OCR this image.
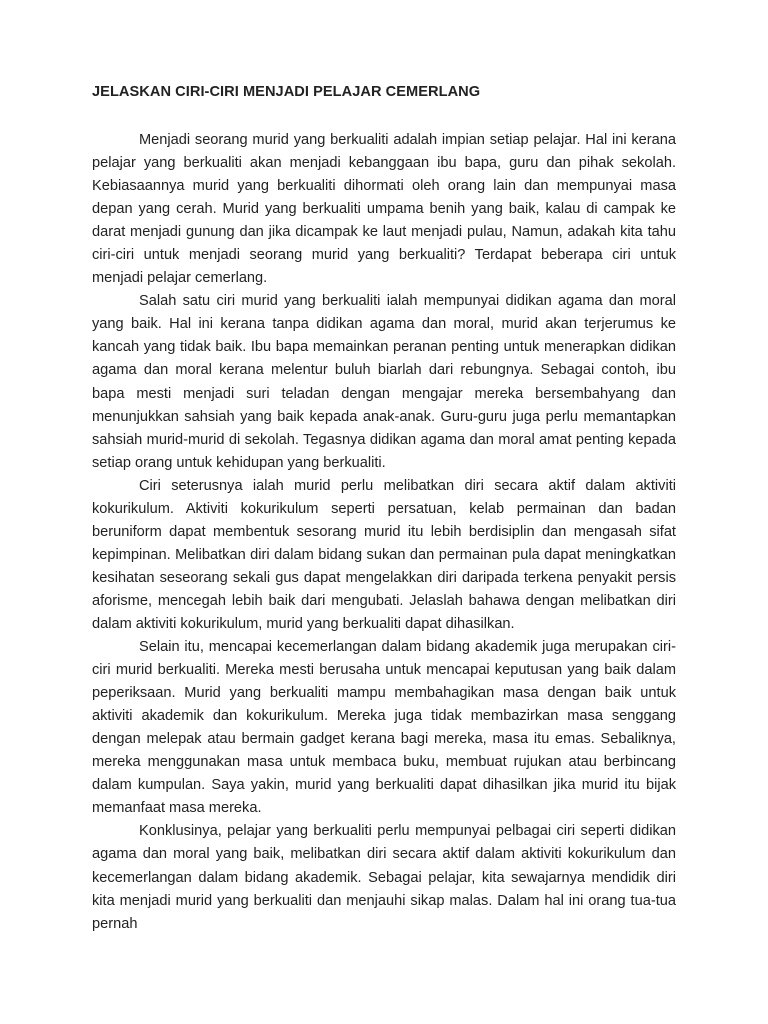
JELASKAN CIRI-CIRI MENJADI PELAJAR CEMERLANG

Menjadi seorang murid yang berkualiti adalah impian setiap pelajar. Hal ini kerana pelajar yang berkualiti akan menjadi kebanggaan ibu bapa, guru dan pihak sekolah. Kebiasaannya murid yang berkualiti dihormati oleh orang lain dan mempunyai masa depan yang cerah. Murid yang berkualiti umpama benih yang baik, kalau di campak ke darat menjadi gunung dan jika dicampak ke laut menjadi pulau, Namun, adakah kita tahu ciri-ciri untuk menjadi seorang murid yang berkualiti? Terdapat beberapa ciri untuk menjadi pelajar cemerlang.

Salah satu ciri murid yang berkualiti ialah mempunyai didikan agama dan moral yang baik. Hal ini kerana tanpa didikan agama dan moral, murid akan terjerumus ke kancah yang tidak baik. Ibu bapa memainkan peranan penting untuk menerapkan didikan agama dan moral kerana melentur buluh biarlah dari rebungnya. Sebagai contoh, ibu bapa mesti menjadi suri teladan dengan mengajar mereka bersembahyang dan menunjukkan sahsiah yang baik kepada anak-anak. Guru-guru juga perlu memantapkan sahsiah murid-murid di sekolah. Tegasnya didikan agama dan moral amat penting kepada setiap orang untuk kehidupan yang berkualiti.

Ciri seterusnya ialah murid perlu melibatkan diri secara aktif dalam aktiviti kokurikulum. Aktiviti kokurikulum seperti persatuan, kelab permainan dan badan beruniform dapat membentuk sesorang murid itu lebih berdisiplin dan mengasah sifat kepimpinan. Melibatkan diri dalam bidang sukan dan permainan pula dapat meningkatkan kesihatan seseorang sekali gus dapat mengelakkan diri daripada terkena penyakit persis aforisme, mencegah lebih baik dari mengubati. Jelaslah bahawa dengan melibatkan diri dalam aktiviti kokurikulum, murid yang berkualiti dapat dihasilkan.

Selain itu, mencapai kecemerlangan dalam bidang akademik juga merupakan ciri-ciri murid berkualiti. Mereka mesti berusaha untuk mencapai keputusan yang baik dalam peperiksaan. Murid yang berkualiti mampu membahagikan masa dengan baik untuk aktiviti akademik dan kokurikulum. Mereka juga tidak membazirkan masa senggang dengan melepak atau bermain gadget kerana bagi mereka, masa itu emas. Sebaliknya, mereka menggunakan masa untuk membaca buku, membuat rujukan atau berbincang dalam kumpulan. Saya yakin, murid yang berkualiti dapat dihasilkan jika murid itu bijak memanfaat masa mereka.

Konklusinya, pelajar yang berkualiti perlu mempunyai pelbagai ciri seperti didikan agama dan moral yang baik, melibatkan diri secara aktif dalam aktiviti kokurikulum dan kecemerlangan dalam bidang akademik. Sebagai pelajar, kita sewajarnya mendidik diri kita menjadi murid yang berkualiti dan menjauhi sikap malas. Dalam hal ini orang tua-tua pernah
